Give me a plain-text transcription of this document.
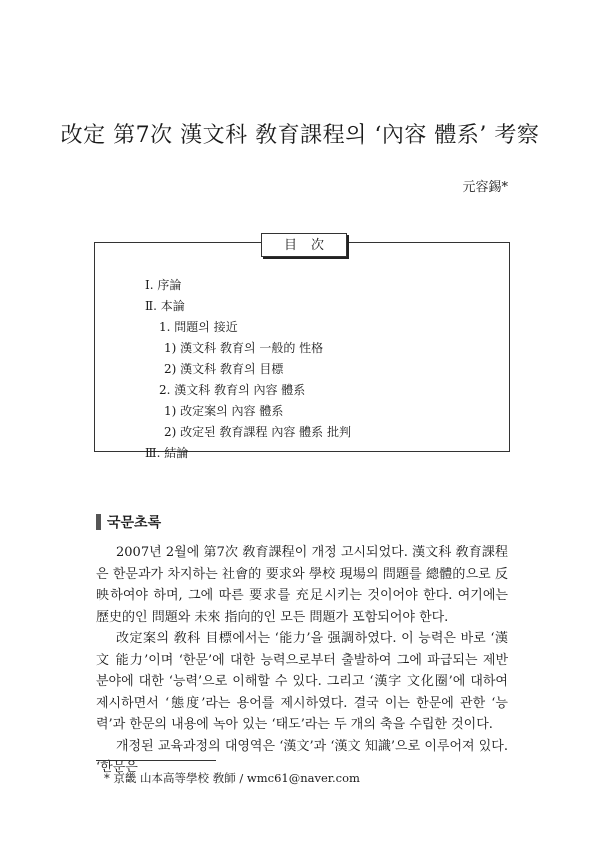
改定 第7次 漢文科 敎育課程의 ‘內容 體系’ 考察
元容錫*
目次
Ⅰ. 序論
Ⅱ. 本論
1. 問題의 接近
1) 漢文科 敎育의 一般的 性格
2) 漢文科 敎育의 目標
2. 漢文科 敎育의 內容 體系
1) 改定案의 內容 體系
2) 改定된 敎育課程 內容 體系 批判
Ⅲ. 結論
국문초록

2007년 2월에 第7次 敎育課程이 개정 고시되었다. 漢文科 敎育課程은 한문과가 차지하는 社會的 要求와 學校 現場의 問題를 總體的으로 反映하여야 하며, 그에 따른 要求를 充足시키는 것이어야 한다. 여기에는 歷史的인 問題와 未來 指向的인 모든 問題가 포함되어야 한다.

改定案의 敎科 目標에서는 ‘能力’을 强調하였다. 이 능력은 바로 ‘漢文 能力’이며 ‘한문’에 대한 능력으로부터 출발하여 그에 파급되는 제반 분야에 대한 ‘능력’으로 이해할 수 있다. 그리고 ‘漢字 文化圈’에 대하여 제시하면서 ‘態度’라는 용어를 제시하였다. 결국 이는 한문에 관한 ‘능력’과 한문의 내용에 녹아 있는 ‘태도’라는 두 개의 축을 수립한 것이다.

개정된 교육과정의 대영역은 ‘漢文’과 ‘漢文 知識’으로 이루어져 있다. ‘한문은

* 京畿 山本高等學校 敎師 / wmc61@naver.com
